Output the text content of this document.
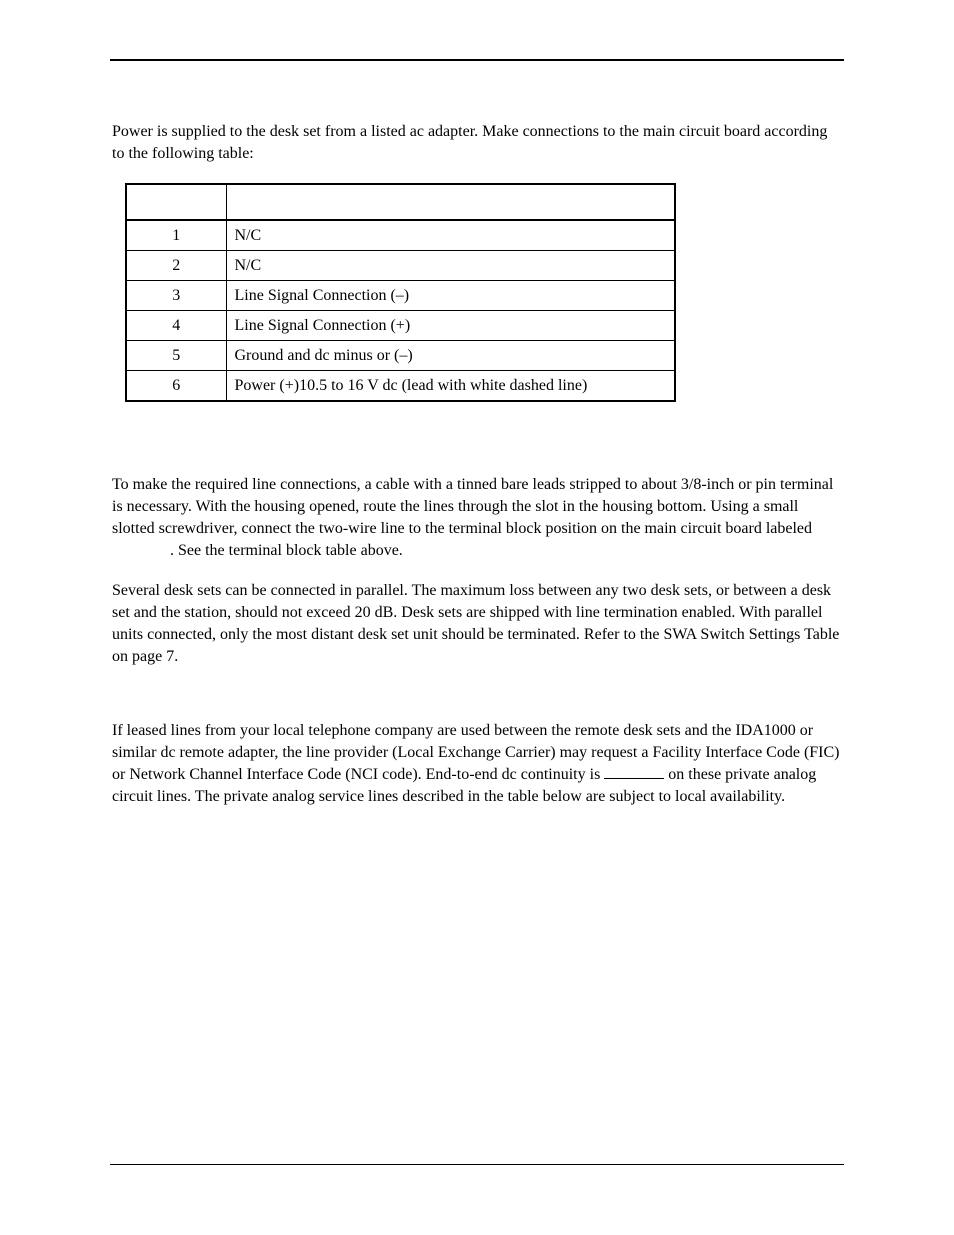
Power is supplied to the desk set from a listed ac adapter. Make connections to the main circuit board according to the following table:

1	N/C
2	N/C
3	Line Signal Connection (–)
4	Line Signal Connection (+)
5	Ground and dc minus or (–)
6	Power (+)10.5 to 16 V dc (lead with white dashed line)

To make the required line connections, a cable with a tinned bare leads stripped to about 3/8-inch or pin terminal is necessary. With the housing opened, route the lines through the slot in the housing bottom. Using a small slotted screwdriver, connect the two-wire line to the terminal block position on the main circuit board labeled. See the terminal block table above.

Several desk sets can be connected in parallel. The maximum loss between any two desk sets, or between a desk set and the station, should not exceed 20 dB. Desk sets are shipped with line termination enabled. With parallel units connected, only the most distant desk set unit should be terminated. Refer to the SWA Switch Settings Table on page 7.

If leased lines from your local telephone company are used between the remote desk sets and the IDA1000 or similar dc remote adapter, the line provider (Local Exchange Carrier) may request a Facility Interface Code (FIC) or Network Channel Interface Code (NCI code). End-to-end dc continuity is	on these private analog circuit lines. The private analog service lines described in the table below are subject to local availability.
